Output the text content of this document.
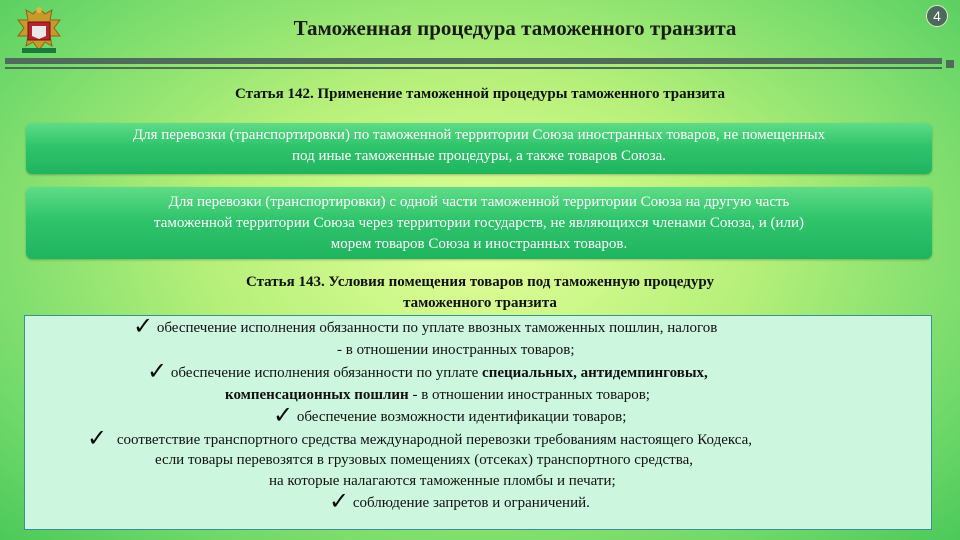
Таможенная процедура таможенного транзита	4
Статья 142. Применение таможенной процедуры таможенного транзита
Для перевозки (транспортировки) по таможенной территории Союза иностранных товаров, не помещенных
под иные таможенные процедуры, а также товаров Союза.
Для перевозки (транспортировки) с одной части таможенной территории Союза на другую часть
таможенной территории Союза через территории государств, не являющихся членами Союза, и (или)
морем товаров Союза и иностранных товаров.
Статья 143. Условия помещения товаров под таможенную процедуру
таможенного транзита
✓ обеспечение исполнения обязанности по уплате ввозных таможенных пошлин, налогов
- в отношении иностранных товаров;
✓ обеспечение исполнения обязанности по уплате специальных, антидемпинговых,
компенсационных пошлин - в отношении иностранных товаров;
✓ обеспечение возможности идентификации товаров;
✓ соответствие транспортного средства международной перевозки требованиям настоящего Кодекса,
если товары перевозятся в грузовых помещениях (отсеках) транспортного средства,
на которые налагаются таможенные пломбы и печати;
✓ соблюдение запретов и ограничений.
